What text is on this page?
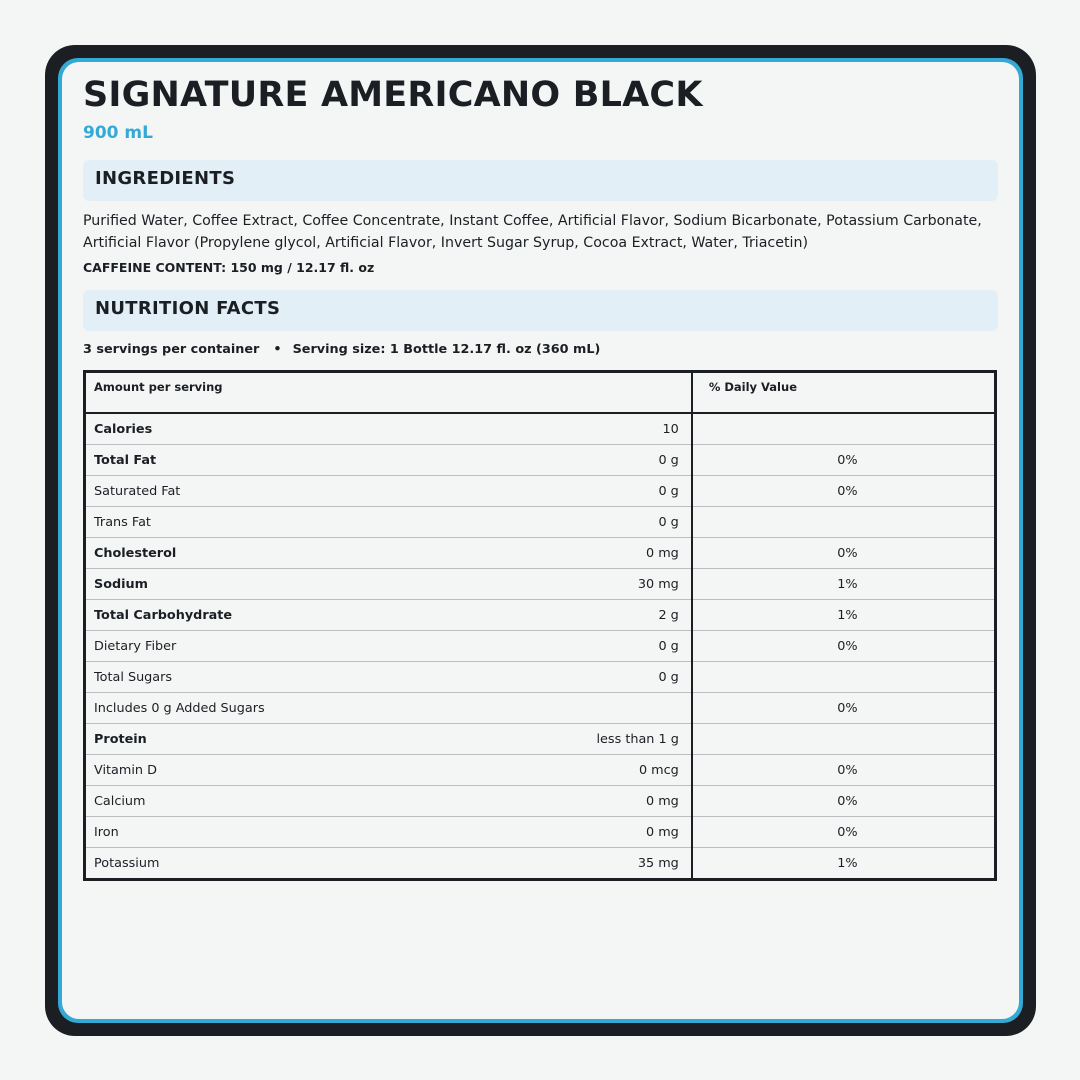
SIGNATURE AMERICANO BLACK
900 mL
INGREDIENTS
Purified Water, Coffee Extract, Coffee Concentrate, Instant Coffee, Artificial Flavor, Sodium Bicarbonate, Potassium Carbonate, Artificial Flavor (Propylene glycol, Artificial Flavor, Invert Sugar Syrup, Cocoa Extract, Water, Triacetin)
CAFFEINE CONTENT: 150 mg / 12.17 fl. oz
NUTRITION FACTS
3 servings per container • Serving size: 1 Bottle 12.17 fl. oz (360 mL)
Amount per serving		% Daily Value
Calories	10	
Total Fat	0 g	0%
Saturated Fat	0 g	0%
Trans Fat	0 g	
Cholesterol	0 mg	0%
Sodium	30 mg	1%
Total Carbohydrate	2 g	1%
Dietary Fiber	0 g	0%
Total Sugars	0 g	
Includes 0 g Added Sugars		0%
Protein	less than 1 g	
Vitamin D	0 mcg	0%
Calcium	0 mg	0%
Iron	0 mg	0%
Potassium	35 mg	1%
